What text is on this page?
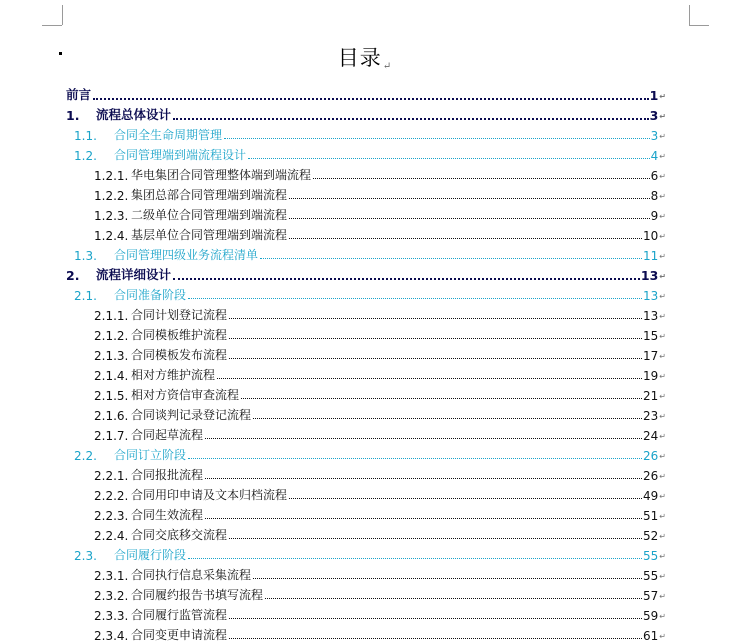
目录↵
前言	1 ↵
1.	流程总体设计	3 ↵
1.1.	合同全生命周期管理	3 ↵
1.2.	合同管理端到端流程设计	4 ↵
1.2.1. 华电集团合同管理整体端到端流程	6 ↵
1.2.2. 集团总部合同管理端到端流程	8 ↵
1.2.3. 二级单位合同管理端到端流程	9 ↵
1.2.4. 基层单位合同管理端到端流程	10 ↵
1.3.	合同管理四级业务流程清单	11 ↵
2.	流程详细设计	13 ↵
2.1.	合同准备阶段	13 ↵
2.1.1. 合同计划登记流程	13 ↵
2.1.2. 合同模板维护流程	15 ↵
2.1.3. 合同模板发布流程	17 ↵
2.1.4. 相对方维护流程	19 ↵
2.1.5. 相对方资信审查流程	21 ↵
2.1.6. 合同谈判记录登记流程	23 ↵
2.1.7. 合同起草流程	24 ↵
2.2.	合同订立阶段	26 ↵
2.2.1. 合同报批流程	26 ↵
2.2.2. 合同用印申请及文本归档流程	49 ↵
2.2.3. 合同生效流程	51 ↵
2.2.4. 合同交底移交流程	52 ↵
2.3.	合同履行阶段	55 ↵
2.3.1. 合同执行信息采集流程	55 ↵
2.3.2. 合同履约报告书填写流程	57 ↵
2.3.3. 合同履行监管流程	59 ↵
2.3.4. 合同变更申请流程	61 ↵
